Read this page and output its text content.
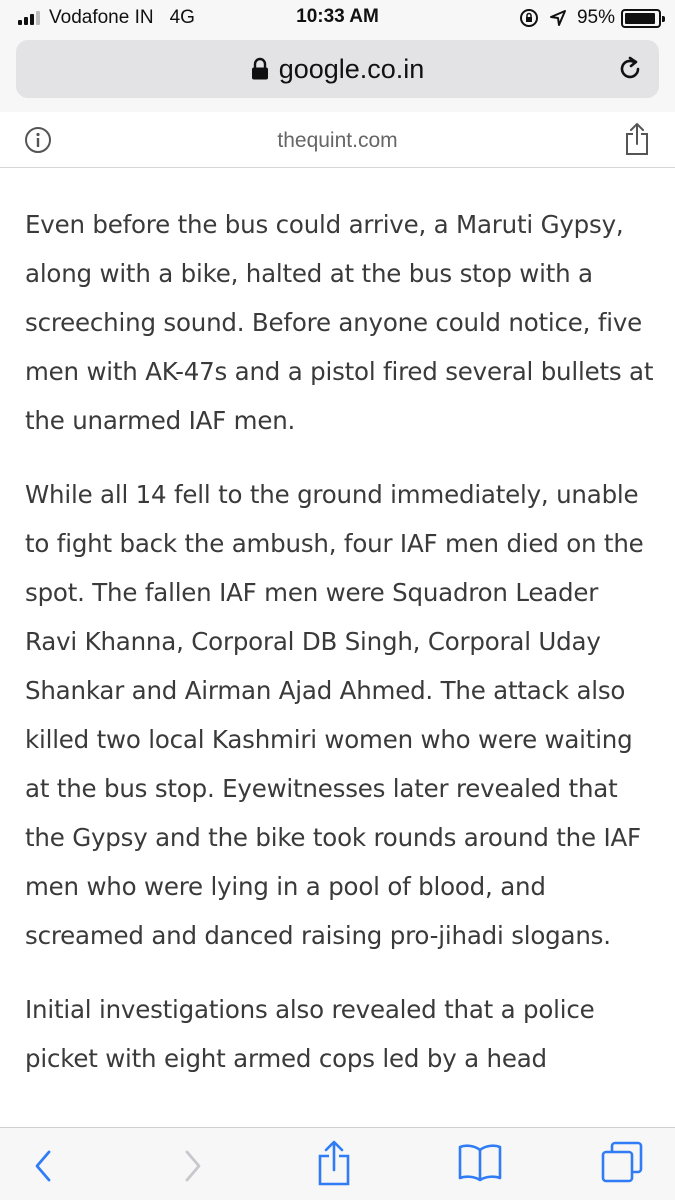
Vodafone IN 4G	10:33 AM	95%
google.co.in
thequint.com

Even before the bus could arrive, a Maruti Gypsy, along with a bike, halted at the bus stop with a screeching sound. Before anyone could notice, five men with AK-47s and a pistol fired several bullets at the unarmed IAF men.

While all 14 fell to the ground immediately, unable to fight back the ambush, four IAF men died on the spot. The fallen IAF men were Squadron Leader Ravi Khanna, Corporal DB Singh, Corporal Uday Shankar and Airman Ajad Ahmed. The attack also killed two local Kashmiri women who were waiting at the bus stop. Eyewitnesses later revealed that the Gypsy and the bike took rounds around the IAF men who were lying in a pool of blood, and screamed and danced raising pro-jihadi slogans.

Initial investigations also revealed that a police picket with eight armed cops led by a head
